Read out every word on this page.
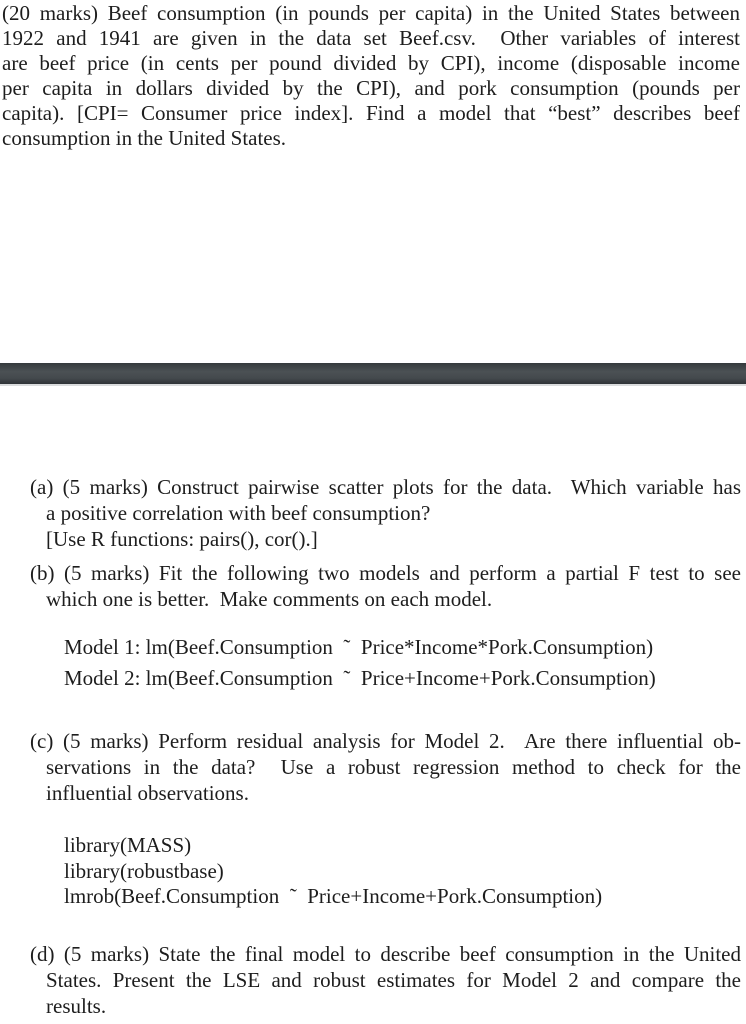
(20 marks) Beef consumption (in pounds per capita) in the United States between
1922 and 1941 are given in the data set Beef.csv.  Other variables of interest
are beef price (in cents per pound divided by CPI), income (disposable income
per capita in dollars divided by the CPI), and pork consumption (pounds per
capita). [CPI= Consumer price index]. Find a model that “best” describes beef
consumption in the United States.
(a) (5 marks) Construct pairwise scatter plots for the data.  Which variable has
a positive correlation with beef consumption?
[Use R functions: pairs(), cor().]
(b) (5 marks) Fit the following two models and perform a partial F test to see
which one is better.  Make comments on each model.
Model 1: lm(Beef.Consumption  ˜  Price*Income*Pork.Consumption)
Model 2: lm(Beef.Consumption  ˜  Price+Income+Pork.Consumption)
(c) (5 marks) Perform residual analysis for Model 2.  Are there influential ob-
servations in the data?  Use a robust regression method to check for the
influential observations.
library(MASS)
library(robustbase)
lmrob(Beef.Consumption  ˜  Price+Income+Pork.Consumption)
(d) (5 marks) State the final model to describe beef consumption in the United
States. Present the LSE and robust estimates for Model 2 and compare the
results.
